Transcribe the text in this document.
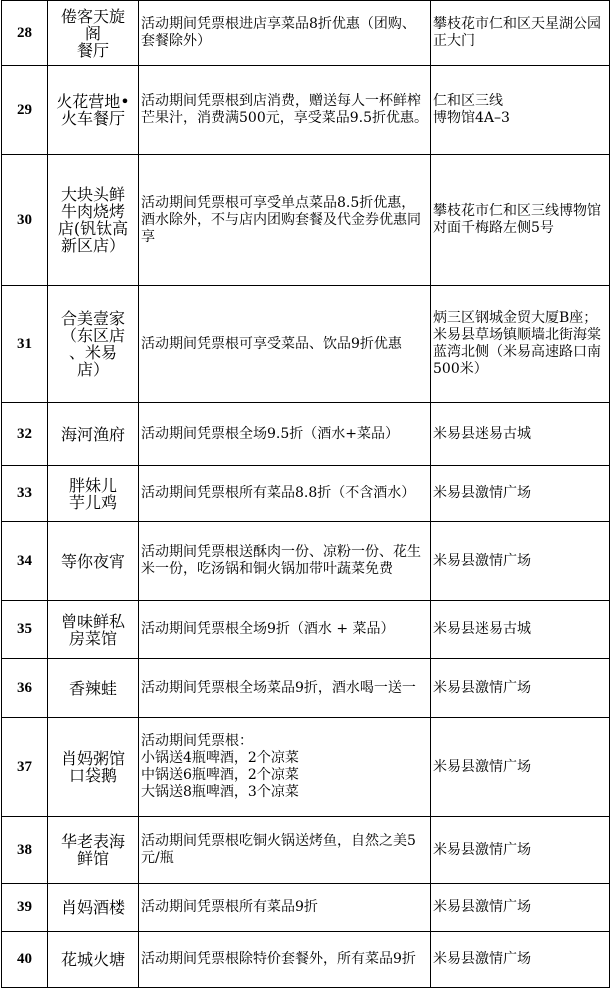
28	倦客天旋
阁
餐厅	活动期间凭票根进店享菜品8折优惠（团购、套餐除外）	攀枝花市仁和区天星湖公园正大门

29	火花营地•
火车餐厅	活动期间凭票根到店消费，赠送每人一杯鲜榨芒果汁，消费满500元，享受菜品9.5折优惠。	仁和区三线
博物馆4A–3

30	大块头鲜
牛肉烧烤
店(钒钛高
新区店）	活动期间凭票根可享受单点菜品8.5折优惠，酒水除外，不与店内团购套餐及代金券优惠同享	攀枝花市仁和区三线博物馆对面千梅路左侧5号

31	合美壹家
（东区店
、米易
店）	活动期间凭票根可享受菜品、饮品9折优惠	炳三区钢城金贸大厦B座；米易县草场镇顺墙北街海棠蓝湾北侧（米易高速路口南500米）

32	海河渔府	活动期间凭票根全场9.5折（酒水+菜品）	米易县迷易古城

33	胖妹儿
芋儿鸡	活动期间凭票根所有菜品8.8折（不含酒水）	米易县激情广场

34	等你夜宵	活动期间凭票根送酥肉一份、凉粉一份、花生米一份，吃汤锅和铜火锅加带叶蔬菜免费	米易县激情广场

35	曾味鲜私
房菜馆	活动期间凭票根全场9折（酒水 + 菜品）	米易县迷易古城

36	香辣蛙	活动期间凭票根全场菜品9折，酒水喝一送一	米易县激情广场

37	肖妈粥馆
口袋鹅	活动期间凭票根：
小锅送4瓶啤酒，2个凉菜
中锅送6瓶啤酒，2个凉菜
大锅送8瓶啤酒，3个凉菜	米易县激情广场

38	华老表海
鲜馆	活动期间凭票根吃铜火锅送烤鱼，自然之美5元/瓶	米易县激情广场

39	肖妈酒楼	活动期间凭票根所有菜品9折	米易县激情广场

40	花城火塘	活动期间凭票根除特价套餐外，所有菜品9折	米易县激情广场
